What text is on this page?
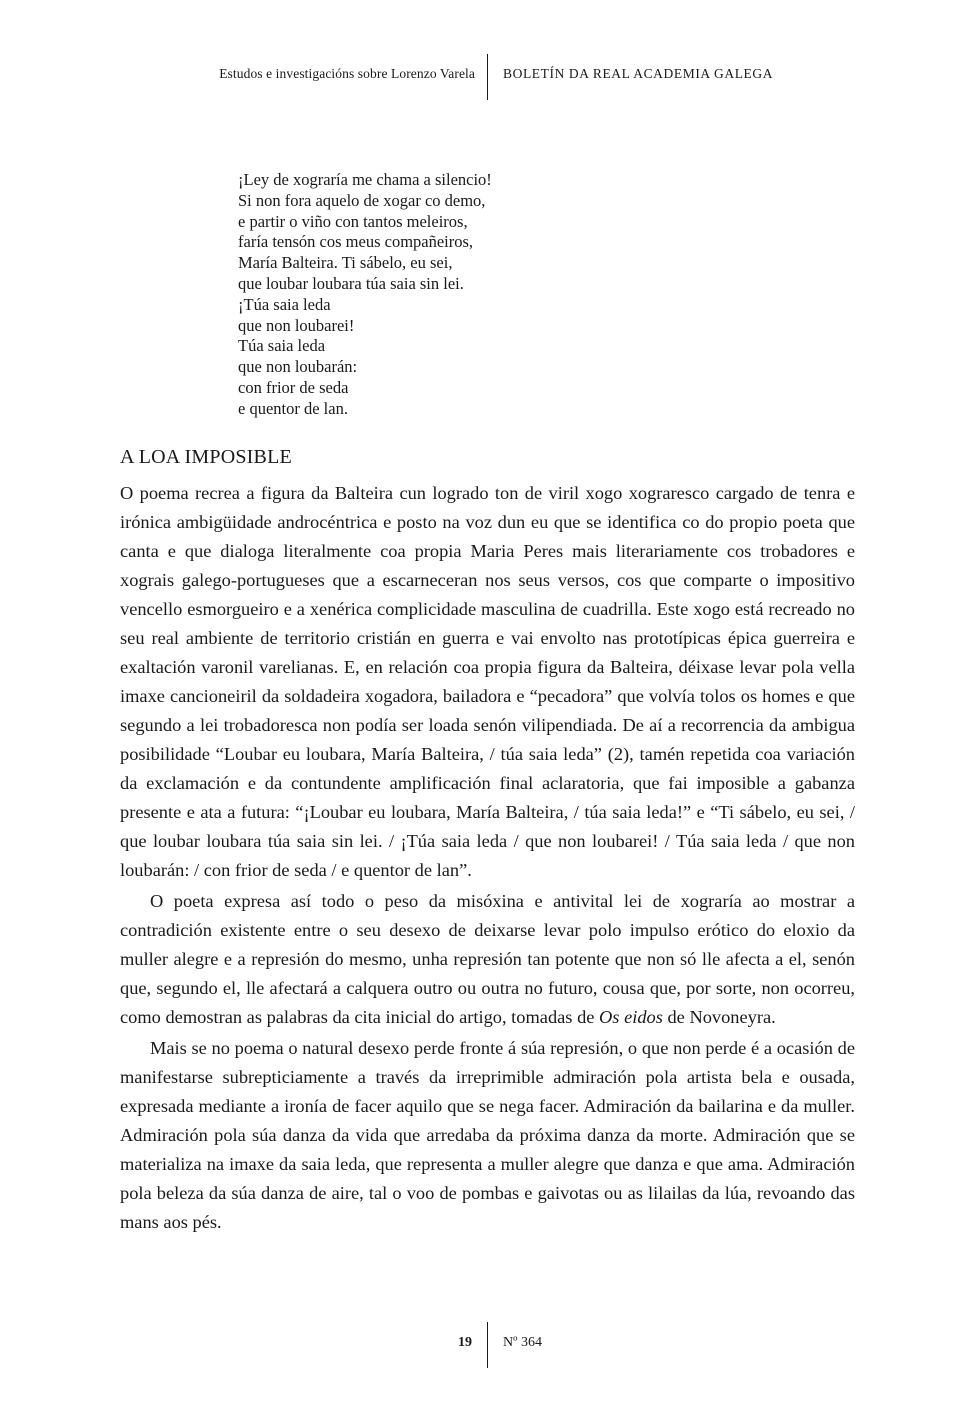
Estudos e investigacións sobre Lorenzo Varela BOLETÍN DA REAL ACADEMIA GALEGA
¡Ley de xograría me chama a silencio!
Si non fora aquelo de xogar co demo,
e partir o viño con tantos meleiros,
faría tensón cos meus compañeiros,
María Balteira. Ti sábelo, eu sei,
que loubar loubara túa saia sin lei.
¡Túa saia leda
que non loubarei!
Túa saia leda
que non loubarán:
con frior de seda
e quentor de lan.
A LOA IMPOSIBLE

O poema recrea a figura da Balteira cun logrado ton de viril xogo xograresco cargado de tenra e irónica ambigüidade androcéntrica e posto na voz dun eu que se identifica co do propio poeta que canta e que dialoga literalmente coa propia Maria Peres mais literariamente cos trobadores e xograis galego-portugueses que a escarneceran nos seus versos, cos que comparte o impositivo vencello esmorgueiro e a xenérica complicidade masculina de cuadrilla. Este xogo está recreado no seu real ambiente de territorio cristián en guerra e vai envolto nas prototípicas épica guerreira e exaltación varonil varelianas. E, en relación coa propia figura da Balteira, déixase levar pola vella imaxe cancioneiril da soldadeira xogadora, bailadora e “pecadora” que volvía tolos os homes e que segundo a lei trobadoresca non podía ser loada senón vilipendiada. De aí a recorrencia da ambigua posibilidade “Loubar eu loubara, María Balteira, / túa saia leda” (2), tamén repetida coa variación da exclamación e da contundente amplificación final aclaratoria, que fai imposible a gabanza presente e ata a futura: “¡Loubar eu loubara, María Balteira, / túa saia leda!” e “Ti sábelo, eu sei, / que loubar loubara túa saia sin lei. / ¡Túa saia leda / que non loubarei! / Túa saia leda / que non loubarán: / con frior de seda / e quentor de lan”.

O poeta expresa así todo o peso da misóxina e antivital lei de xograría ao mostrar a contradición existente entre o seu desexo de deixarse levar polo impulso erótico do eloxio da muller alegre e a represión do mesmo, unha represión tan potente que non só lle afecta a el, senón que, segundo el, lle afectará a calquera outro ou outra no futuro, cousa que, por sorte, non ocorreu, como demostran as palabras da cita inicial do artigo, tomadas de Os eidos de Novoneyra.

Mais se no poema o natural desexo perde fronte á súa represión, o que non perde é a ocasión de manifestarse subrepticiamente a través da irreprimible admiración pola artista bela e ousada, expresada mediante a ironía de facer aquilo que se nega facer. Admiración da bailarina e da muller. Admiración pola súa danza da vida que arredaba da próxima danza da morte. Admiración que se materializa na imaxe da saia leda, que representa a muller alegre que danza e que ama. Admiración pola beleza da súa danza de aire, tal o voo de pombas e gaivotas ou as lilailas da lúa, revoando das mans aos pés.

19 Nº 364
